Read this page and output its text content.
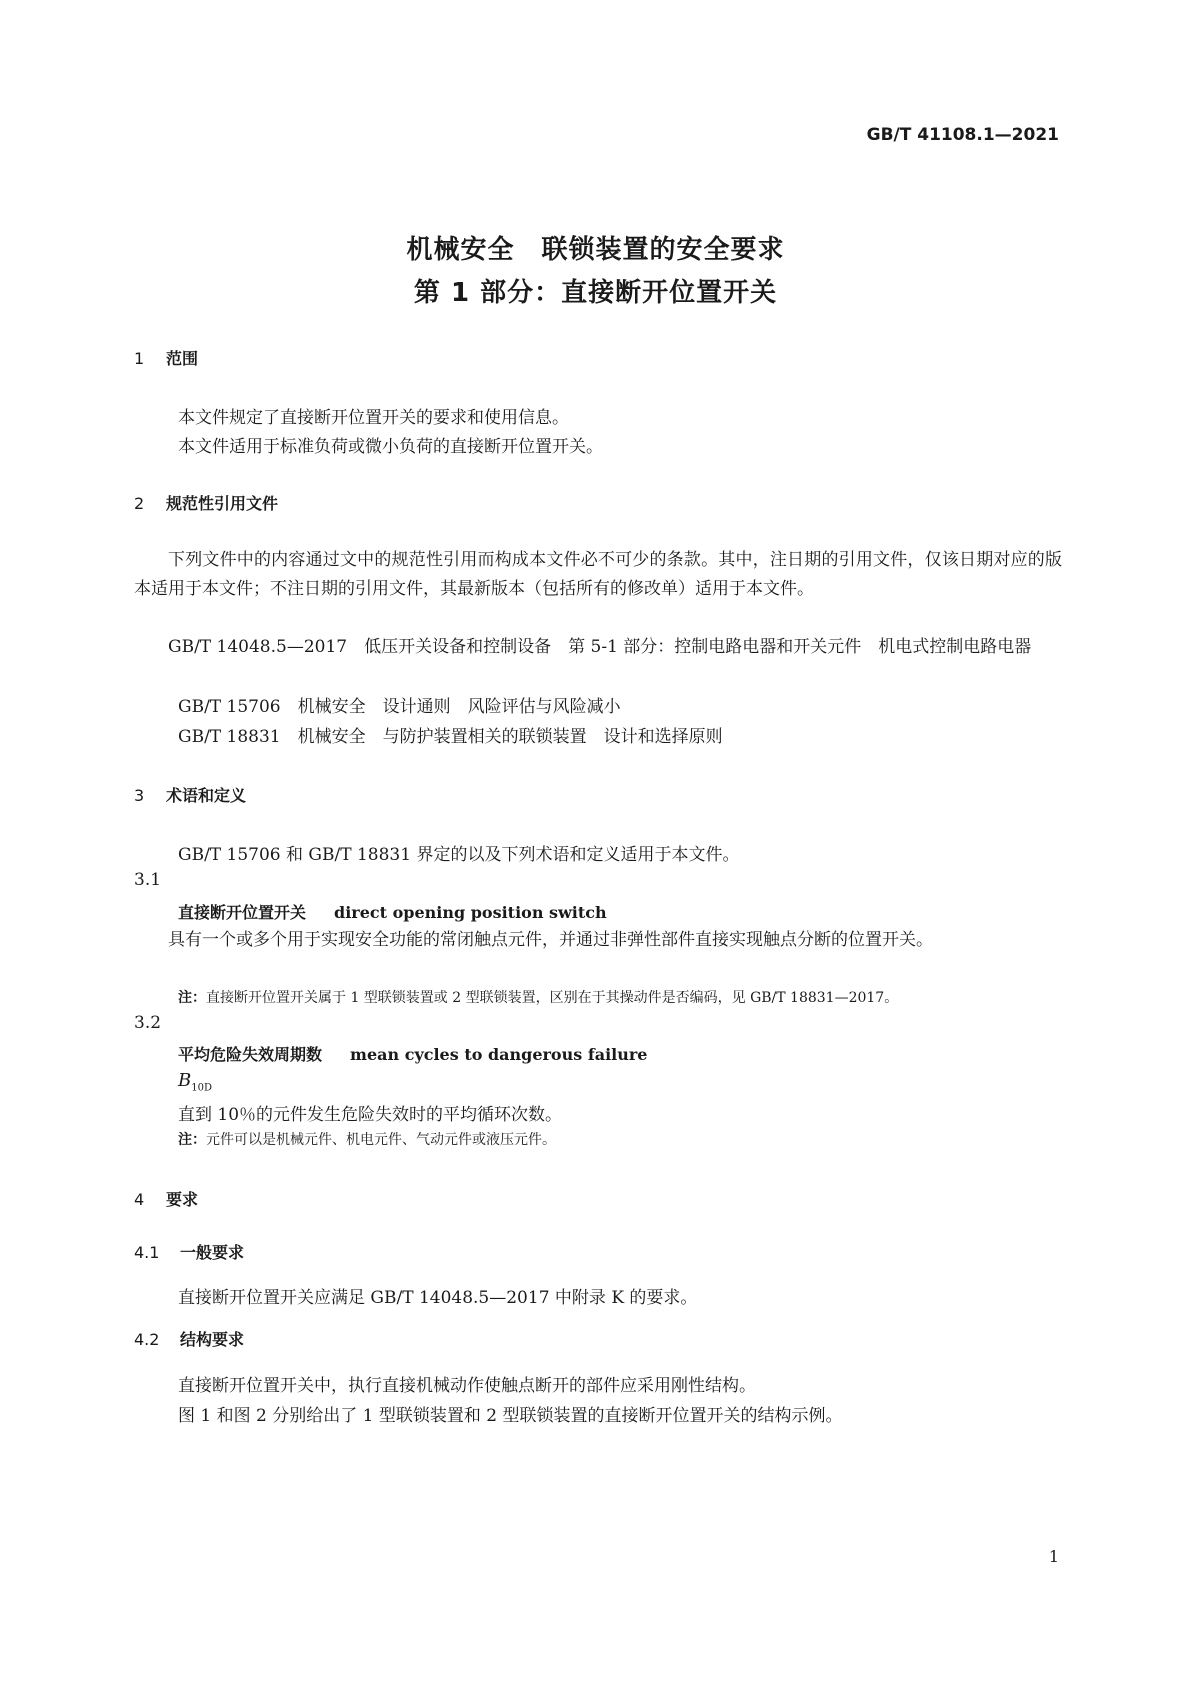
GB/T 41108.1—2021
机械安全　联锁装置的安全要求
第 1 部分：直接断开位置开关
1 范围
本文件规定了直接断开位置开关的要求和使用信息。
本文件适用于标准负荷或微小负荷的直接断开位置开关。
2 规范性引用文件
下列文件中的内容通过文中的规范性引用而构成本文件必不可少的条款。其中，注日期的引用文件，仅该日期对应的版本适用于本文件；不注日期的引用文件，其最新版本（包括所有的修改单）适用于本文件。
GB/T 14048.5—2017　低压开关设备和控制设备　第 5-1 部分：控制电路电器和开关元件　机电式控制电路电器
GB/T 15706　机械安全　设计通则　风险评估与风险减小
GB/T 18831　机械安全　与防护装置相关的联锁装置　设计和选择原则
3 术语和定义
GB/T 15706 和 GB/T 18831 界定的以及下列术语和定义适用于本文件。
3.1
直接断开位置开关 direct opening position switch
具有一个或多个用于实现安全功能的常闭触点元件，并通过非弹性部件直接实现触点分断的位置开关。
注：直接断开位置开关属于 1 型联锁装置或 2 型联锁装置，区别在于其操动件是否编码，见 GB/T 18831—2017。
3.2
平均危险失效周期数 mean cycles to dangerous failure
$B_{10D}$
直到 10％的元件发生危险失效时的平均循环次数。
注：元件可以是机械元件、机电元件、气动元件或液压元件。
4 要求
4.1 一般要求
直接断开位置开关应满足 GB/T 14048.5—2017 中附录 K 的要求。
4.2 结构要求
直接断开位置开关中，执行直接机械动作使触点断开的部件应采用刚性结构。
图 1 和图 2 分别给出了 1 型联锁装置和 2 型联锁装置的直接断开位置开关的结构示例。
1
